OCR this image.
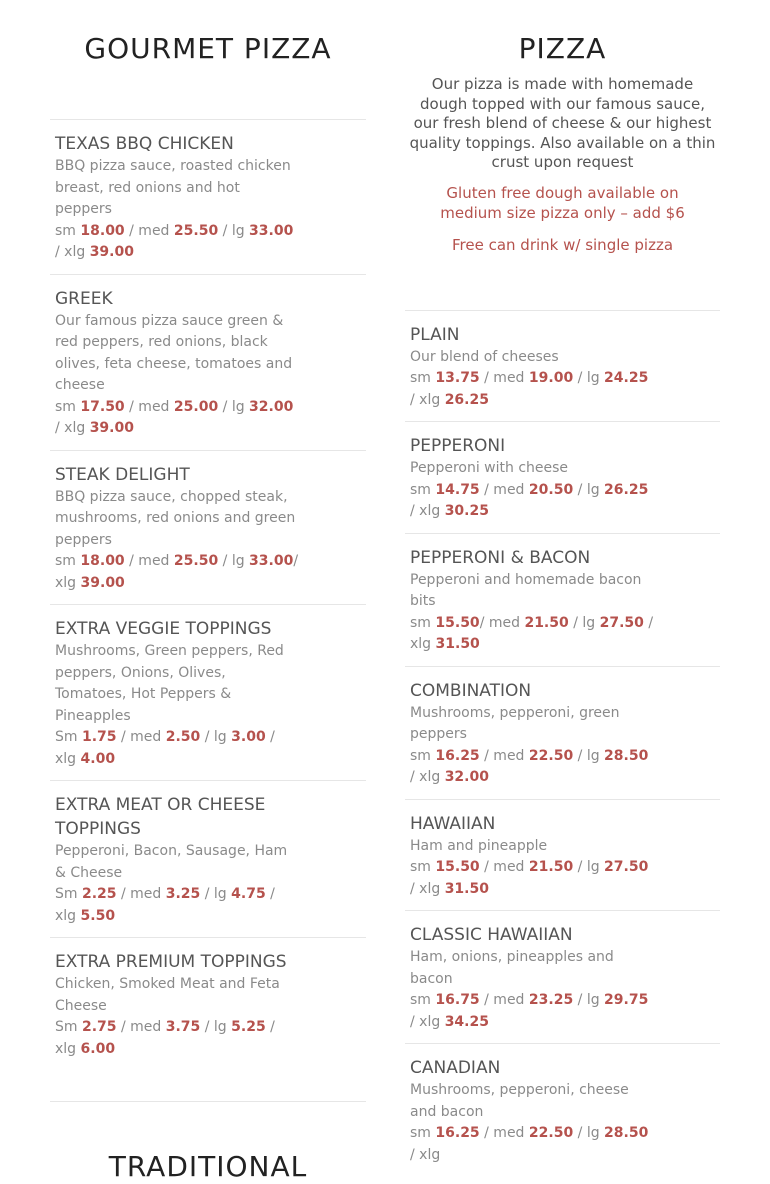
GOURMET PIZZA

TEXAS BBQ CHICKEN

BBQ pizza sauce, roasted chicken breast, red onions and hot peppers

sm 18.00 / med 25.50 / lg 33.00 / xlg 39.00

GREEK

Our famous pizza sauce green & red peppers, red onions, black olives, feta cheese, tomatoes and cheese

sm 17.50 / med 25.00 / lg 32.00 / xlg 39.00

STEAK DELIGHT

BBQ pizza sauce, chopped steak, mushrooms, red onions and green peppers

sm 18.00 / med 25.50 / lg 33.00/ xlg 39.00

EXTRA VEGGIE TOPPINGS

Mushrooms, Green peppers, Red peppers, Onions, Olives, Tomatoes, Hot Peppers & Pineapples

Sm 1.75 / med 2.50 / lg 3.00 / xlg 4.00

EXTRA MEAT OR CHEESE TOPPINGS

Pepperoni, Bacon, Sausage, Ham & Cheese

Sm 2.25 / med 3.25 / lg 4.75 / xlg 5.50

EXTRA PREMIUM TOPPINGS

Chicken, Smoked Meat and Feta Cheese

Sm 2.75 / med 3.75 / lg 5.25 / xlg 6.00

TRADITIONAL
PIZZA

Our pizza is made with homemade dough topped with our famous sauce, our fresh blend of cheese & our highest quality toppings. Also available on a thin crust upon request

Gluten free dough available on medium size pizza only – add $6

Free can drink w/ single pizza

PLAIN

Our blend of cheeses

sm 13.75 / med 19.00 / lg 24.25 / xlg 26.25

PEPPERONI

Pepperoni with cheese

sm 14.75 / med 20.50 / lg 26.25 / xlg 30.25

PEPPERONI & BACON

Pepperoni and homemade bacon bits

sm 15.50/ med 21.50 / lg 27.50 / xlg 31.50

COMBINATION

Mushrooms, pepperoni, green peppers

sm 16.25 / med 22.50 / lg 28.50 / xlg 32.00

HAWAIIAN

Ham and pineapple

sm 15.50 / med 21.50 / lg 27.50 / xlg 31.50

CLASSIC HAWAIIAN

Ham, onions, pineapples and bacon

sm 16.75 / med 23.25 / lg 29.75 / xlg 34.25

CANADIAN

Mushrooms, pepperoni, cheese and bacon

sm 16.25 / med 22.50 / lg 28.50 / xlg
